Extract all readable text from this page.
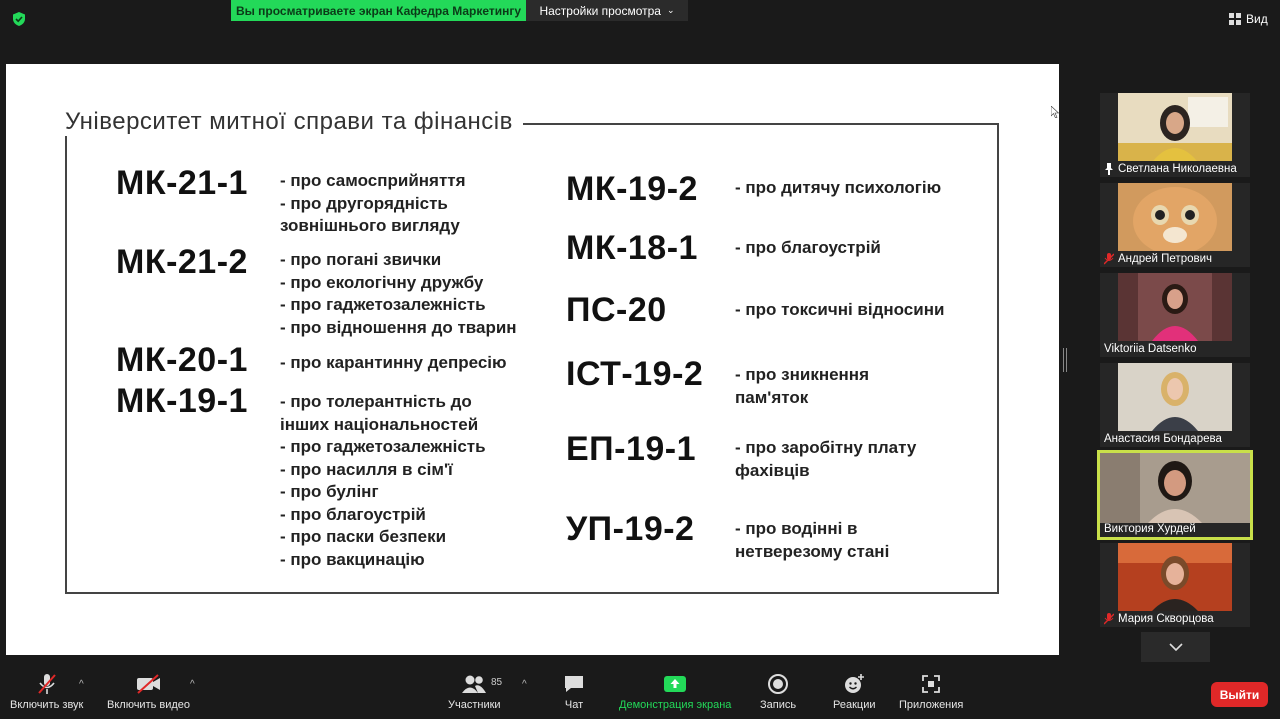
Вы просматриваете экран Кафедра Маркетингу	Настройки просмотра ⌄
Вид
Університет митної справи та фінансів
МК-21-1 - про самосприйняття
- про другорядність
зовнішнього вигляду
МК-21-2 - про погані звички
- про екологічну дружбу
- про гаджетозалежність
- про відношення до тварин
МК-20-1 - про карантинну депресію
МК-19-1 - про толерантність до
інших національностей
- про гаджетозалежність
- про насилля в сім'ї
- про булінг
- про благоустрій
- про паски безпеки
- про вакцинацію
МК-19-2 - про дитячу психологію
МК-18-1 - про благоустрій
ПС-20	- про токсичні відносини
ІСТ-19-2 - про зникнення
пам'яток
ЕП-19-1 - про заробітну плату
фахівців
УП-19-2 - про водінні в
нетверезому стані
Светлана Николаевна
Андрей Петрович
Viktoriia Datsenko
Анастасия Бондарева
Виктория Хурдей
Мария Скворцова
Включить звук
^
Включить видео
^
Участники
85 ^
Чат	Демонстрация экрана	Запись	Реакции Приложения
Выйти
